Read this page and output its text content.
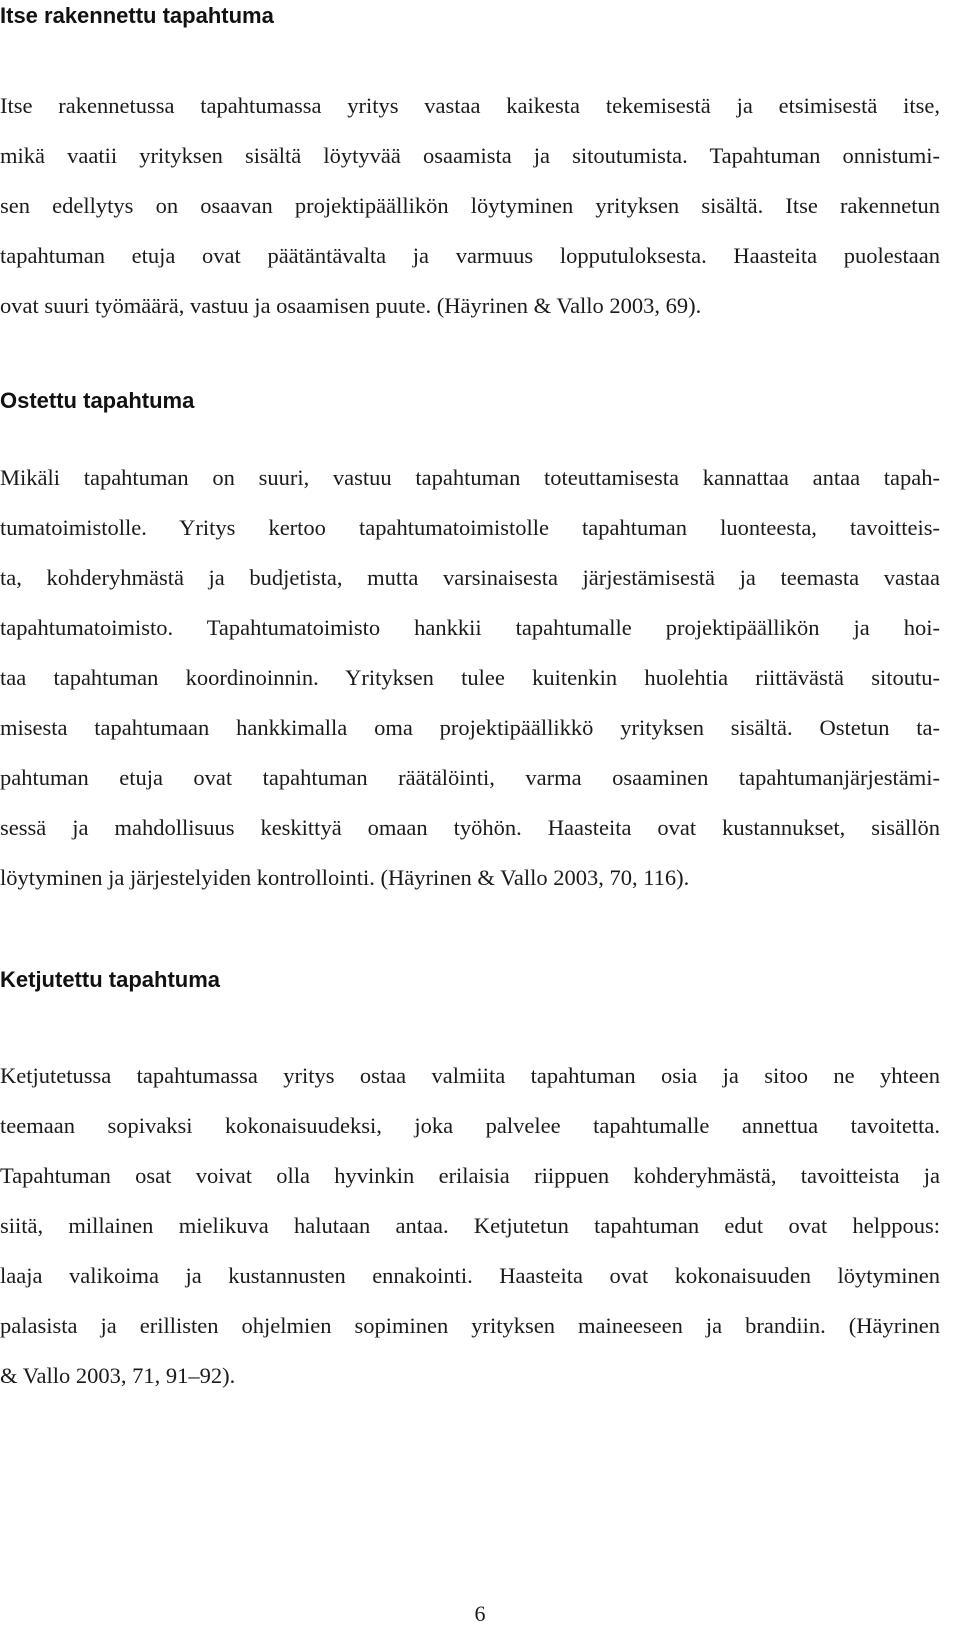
Itse rakennettu tapahtuma
Itse rakennetussa tapahtumassa yritys vastaa kaikesta tekemisestä ja etsimisestä itse,
mikä vaatii yrityksen sisältä löytyvää osaamista ja sitoutumista. Tapahtuman onnistumi-
sen edellytys on osaavan projektipäällikön löytyminen yrityksen sisältä. Itse rakennetun
tapahtuman etuja ovat päätäntävalta ja varmuus lopputuloksesta. Haasteita puolestaan
ovat suuri työmäärä, vastuu ja osaamisen puute. (Häyrinen & Vallo 2003, 69).
Ostettu tapahtuma
Mikäli tapahtuman on suuri, vastuu tapahtuman toteuttamisesta kannattaa antaa tapah-
tumatoimistolle. Yritys kertoo tapahtumatoimistolle tapahtuman luonteesta, tavoitteis-
ta, kohderyhmästä ja budjetista, mutta varsinaisesta järjestämisestä ja teemasta vastaa
tapahtumatoimisto. Tapahtumatoimisto hankkii tapahtumalle projektipäällikön ja hoi-
taa tapahtuman koordinoinnin. Yrityksen tulee kuitenkin huolehtia riittävästä sitoutu-
misesta tapahtumaan hankkimalla oma projektipäällikkö yrityksen sisältä. Ostetun ta-
pahtuman etuja ovat tapahtuman räätälöinti, varma osaaminen tapahtumanjärjestämi-
sessä ja mahdollisuus keskittyä omaan työhön. Haasteita ovat kustannukset, sisällön
löytyminen ja järjestelyiden kontrollointi. (Häyrinen & Vallo 2003, 70, 116).
Ketjutettu tapahtuma
Ketjutetussa tapahtumassa yritys ostaa valmiita tapahtuman osia ja sitoo ne yhteen
teemaan sopivaksi kokonaisuudeksi, joka palvelee tapahtumalle annettua tavoitetta.
Tapahtuman osat voivat olla hyvinkin erilaisia riippuen kohderyhmästä, tavoitteista ja
siitä, millainen mielikuva halutaan antaa. Ketjutetun tapahtuman edut ovat helppous:
laaja valikoima ja kustannusten ennakointi. Haasteita ovat kokonaisuuden löytyminen
palasista ja erillisten ohjelmien sopiminen yrityksen maineeseen ja brandiin. (Häyrinen
& Vallo 2003, 71, 91–92).

6
